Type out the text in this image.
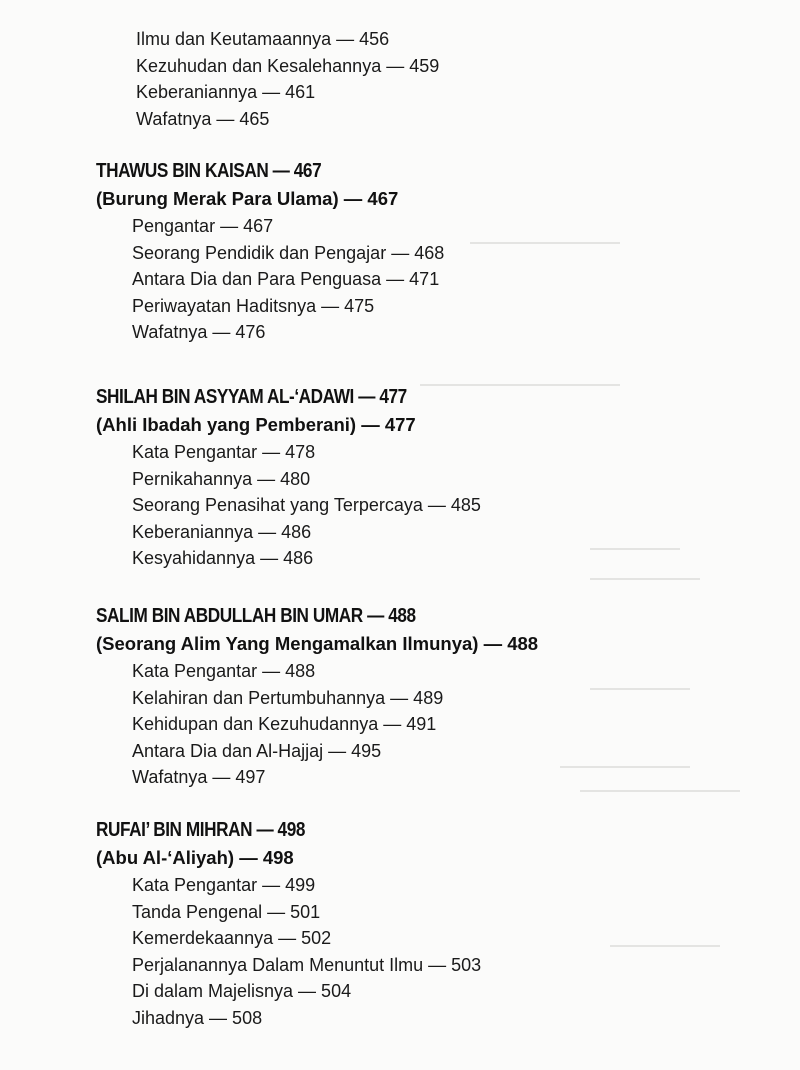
Ilmu dan Keutamaannya — 456
Kezuhudan dan Kesalehannya — 459
Keberaniannya — 461
Wafatnya — 465
THAWUS BIN KAISAN — 467
(Burung Merak Para Ulama) — 467
Pengantar — 467
Seorang Pendidik dan Pengajar — 468
Antara Dia dan Para Penguasa — 471
Periwayatan Haditsnya — 475
Wafatnya — 476
SHILAH BIN ASYYAM AL-‘ADAWI — 477
(Ahli Ibadah yang Pemberani) — 477
Kata Pengantar — 478
Pernikahannya — 480
Seorang Penasihat yang Terpercaya — 485
Keberaniannya — 486
Kesyahidannya — 486
SALIM BIN ABDULLAH BIN UMAR — 488
(Seorang Alim Yang Mengamalkan Ilmunya) — 488
Kata Pengantar — 488
Kelahiran dan Pertumbuhannya — 489
Kehidupan dan Kezuhudannya — 491
Antara Dia dan Al-Hajjaj — 495
Wafatnya — 497
RUFAI’ BIN MIHRAN — 498
(Abu Al-‘Aliyah) — 498
Kata Pengantar — 499
Tanda Pengenal — 501
Kemerdekaannya — 502
Perjalanannya Dalam Menuntut Ilmu — 503
Di dalam Majelisnya — 504
Jihadnya — 508
